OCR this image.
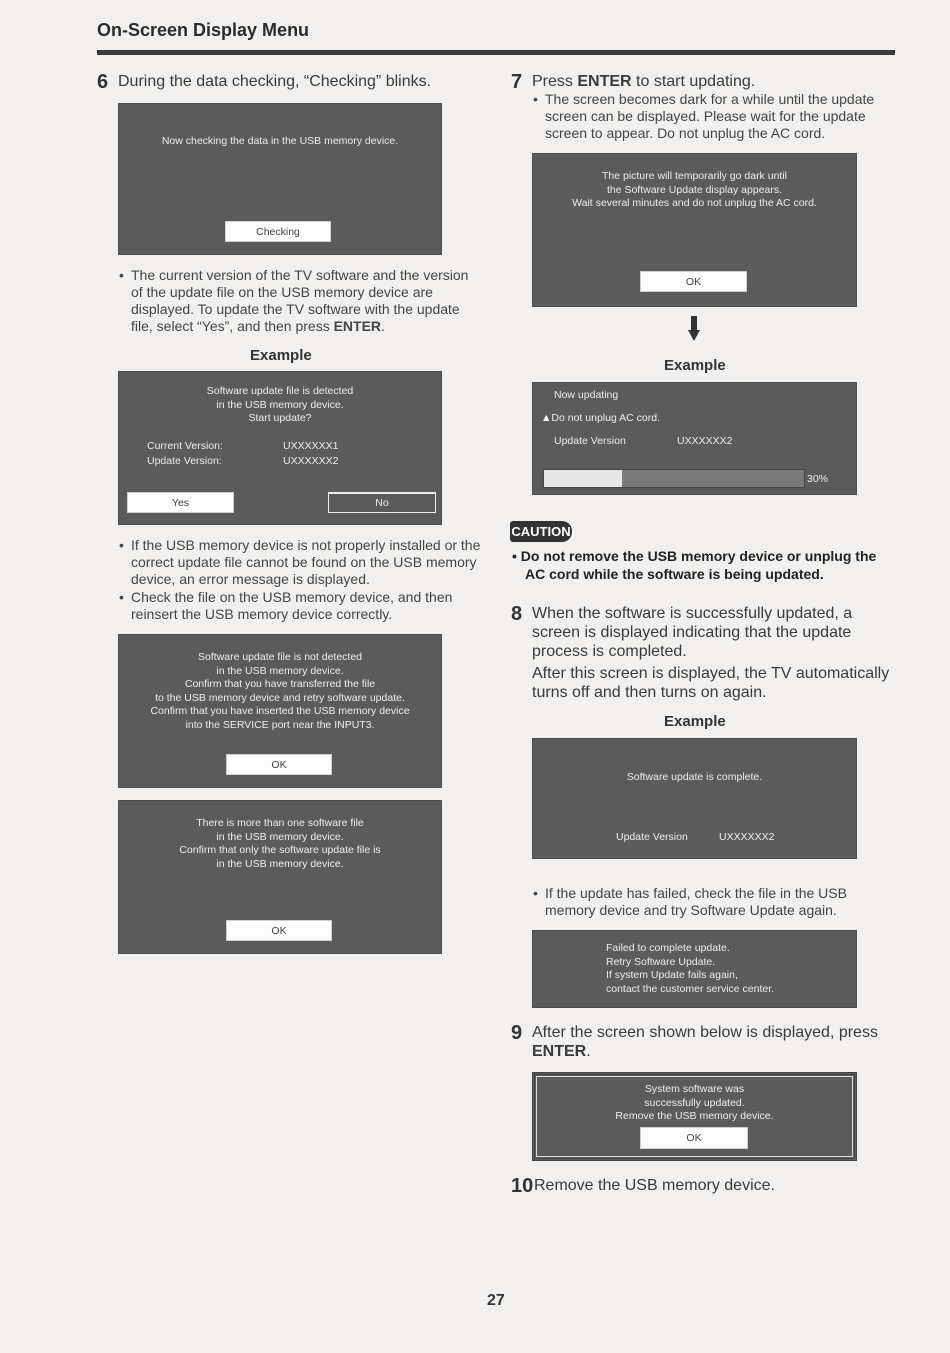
On-Screen Display Menu
6 During the data checking, “Checking” blinks.
Now checking the data in the USB memory device.
Checking
• The current version of the TV software and the version
of the update file on the USB memory device are
displayed. To update the TV software with the update
file, select “Yes”, and then press ENTER.
Example
Software update file is detected
in the USB memory device.
Start update?
Current Version:	UXXXXXX1
Update Version:	UXXXXXX2
Yes	No
• If the USB memory device is not properly installed or the
correct update file cannot be found on the USB memory
device, an error message is displayed.
• Check the file on the USB memory device, and then
reinsert the USB memory device correctly.
Software update file is not detected
in the USB memory device.
Confirm that you have transferred the file
to the USB memory device and retry software update.
Confirm that you have inserted the USB memory device
into the SERVICE port near the INPUT3.
OK
There is more than one software file
in the USB memory device.
Confirm that only the software update file is
in the USB memory device.
OK
7 Press ENTER to start updating.
• The screen becomes dark for a while until the update
screen can be displayed. Please wait for the update
screen to appear. Do not unplug the AC cord.
The picture will temporarily go dark until
the Software Update display appears.
Wait several minutes and do not unplug the AC cord.
OK
Example
Now updating
▲Do not unplug AC cord.
Update Version	UXXXXXX2
30%
CAUTION
• Do not remove the USB memory device or unplug the
AC cord while the software is being updated.
8 When the software is successfully updated, a
screen is displayed indicating that the update
process is completed.
After this screen is displayed, the TV automatically
turns off and then turns on again.
Example
Software update is complete.
Update Version	UXXXXXX2
• If the update has failed, check the file in the USB
memory device and try Software Update again.
Failed to complete update.
Retry Software Update.
If system Update fails again,
contact the customer service center.
9 After the screen shown below is displayed, press
ENTER.
System software was
successfully updated.
Remove the USB memory device.
OK
10 Remove the USB memory device.
27
